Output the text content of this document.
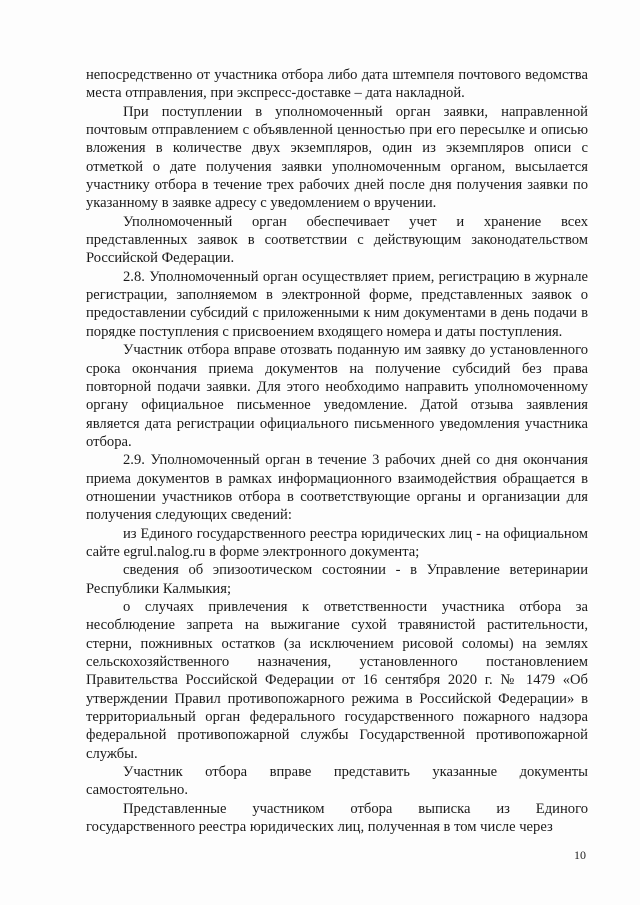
непосредственно от участника отбора либо дата штемпеля почтового ведомства места отправления, при экспресс-доставке – дата накладной.

При поступлении в уполномоченный орган заявки, направленной почтовым отправлением с объявленной ценностью при его пересылке и описью вложения в количестве двух экземпляров, один из экземпляров описи с отметкой о дате получения заявки уполномоченным органом, высылается участнику отбора в течение трех рабочих дней после дня получения заявки по указанному в заявке адресу с уведомлением о вручении.

Уполномоченный орган обеспечивает учет и хранение всех представленных заявок в соответствии с действующим законодательством Российской Федерации.

2.8. Уполномоченный орган осуществляет прием, регистрацию в журнале регистрации, заполняемом в электронной форме, представленных заявок о предоставлении субсидий с приложенными к ним документами в день подачи в порядке поступления с присвоением входящего номера и даты поступления.

Участник отбора вправе отозвать поданную им заявку до установленного срока окончания приема документов на получение субсидий без права повторной подачи заявки. Для этого необходимо направить уполномоченному органу официальное письменное уведомление. Датой отзыва заявления является дата регистрации официального письменного уведомления участника отбора.

2.9. Уполномоченный орган в течение 3 рабочих дней со дня окончания приема документов в рамках информационного взаимодействия обращается в отношении участников отбора в соответствующие органы и организации для получения следующих сведений:

из Единого государственного реестра юридических лиц - на официальном сайте egrul.nalog.ru в форме электронного документа;

сведения об эпизоотическом состоянии - в Управление ветеринарии Республики Калмыкия;

о случаях привлечения к ответственности участника отбора за несоблюдение запрета на выжигание сухой травянистой растительности, стерни, пожнивных остатков (за исключением рисовой соломы) на землях сельскохозяйственного назначения, установленного постановлением Правительства Российской Федерации от 16 сентября 2020 г. № 1479 «Об утверждении Правил противопожарного режима в Российской Федерации» в территориальный орган федерального государственного пожарного надзора федеральной противопожарной службы Государственной противопожарной службы.

Участник отбора вправе представить указанные документы самостоятельно.

Представленные участником отбора выписка из Единого государственного реестра юридических лиц, полученная в том числе через

10
